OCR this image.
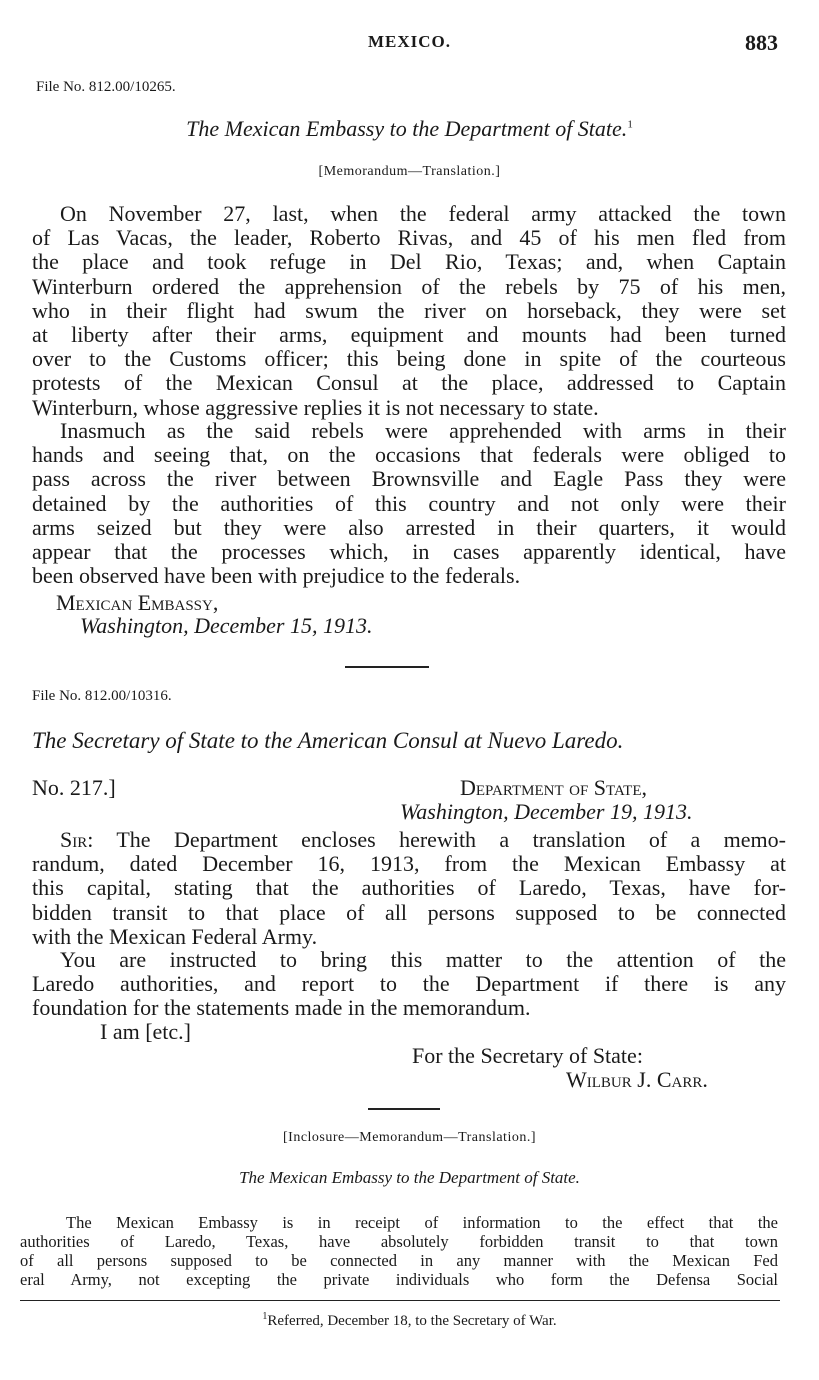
MEXICO.	883
File No. 812.00/10265.
The Mexican Embassy to the Department of State.$^1$
[Memorandum—Translation.]
On November 27, last, when the federal army attacked the town
of Las Vacas, the leader, Roberto Rivas, and 45 of his men fled from
the place and took refuge in Del Rio, Texas; and, when Captain
Winterburn ordered the apprehension of the rebels by 75 of his men,
who in their flight had swum the river on horseback, they were set
at liberty after their arms, equipment and mounts had been turned
over to the Customs officer; this being done in spite of the courteous
protests of the Mexican Consul at the place, addressed to Captain
Winterburn, whose aggressive replies it is not necessary to state.
Inasmuch as the said rebels were apprehended with arms in their
hands and seeing that, on the occasions that federals were obliged to
pass across the river between Brownsville and Eagle Pass they were
detained by the authorities of this country and not only were their
arms seized but they were also arrested in their quarters, it would
appear that the processes which, in cases apparently identical, have
been observed have been with prejudice to the federals.
Mexican Embassy,
Washington, December 15, 1913.
File No. 812.00/10316.
The Secretary of State to the American Consul at Nuevo Laredo.
No. 217.]	Department of State,
Washington, December 19, 1913.
Sir: The Department encloses herewith a translation of a memo-
randum, dated December 16, 1913, from the Mexican Embassy at
this capital, stating that the authorities of Laredo, Texas, have for-
bidden transit to that place of all persons supposed to be connected
with the Mexican Federal Army.
You are instructed to bring this matter to the attention of the
Laredo authorities, and report to the Department if there is any
foundation for the statements made in the memorandum.
I am [etc.]
For the Secretary of State:
Wilbur J. Carr.
[Inclosure—Memorandum—Translation.]
The Mexican Embassy to the Department of State.
The Mexican Embassy is in receipt of information to the effect that the
authorities of Laredo, Texas, have absolutely forbidden transit to that town
of all persons supposed to be connected in any manner with the Mexican Fed
eral Army, not excepting the private individuals who form the Defensa Social
$^1$Referred, December 18, to the Secretary of War.
